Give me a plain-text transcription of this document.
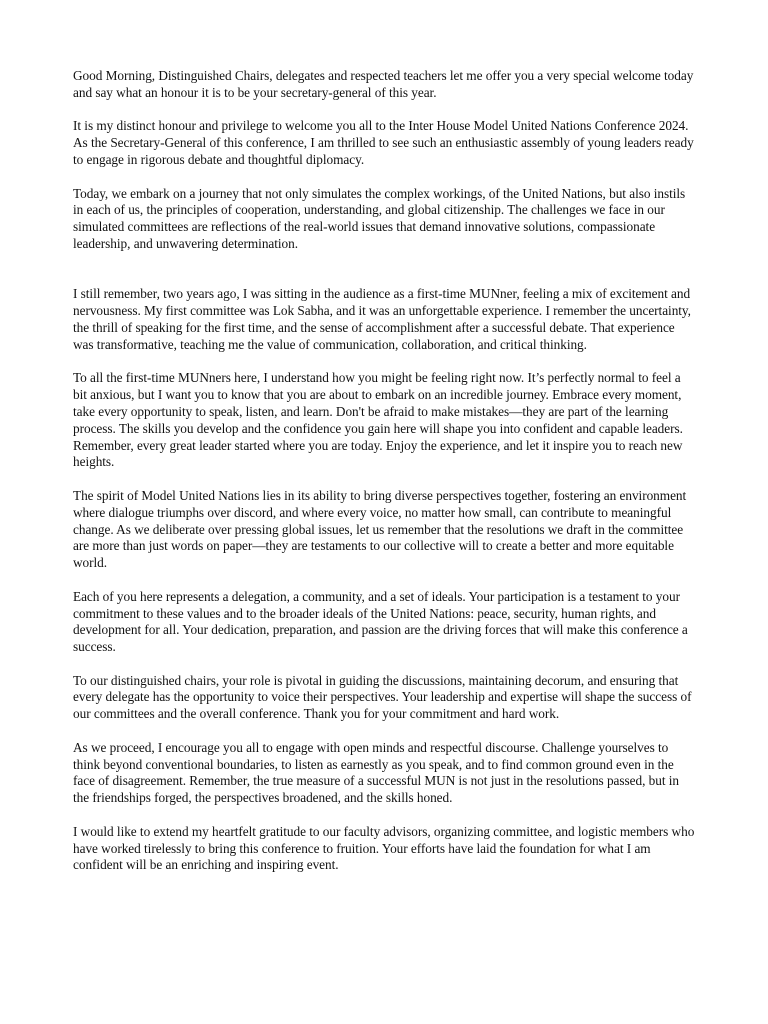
Good Morning, Distinguished Chairs, delegates and respected teachers let me offer you a very special welcome today and say what an honour it is to be your secretary-general of this year.

It is my distinct honour and privilege to welcome you all to the Inter House Model United Nations Conference 2024. As the Secretary-General of this conference, I am thrilled to see such an enthusiastic assembly of young leaders ready to engage in rigorous debate and thoughtful diplomacy.

Today, we embark on a journey that not only simulates the complex workings, of the United Nations, but also instils in each of us, the principles of cooperation, understanding, and global citizenship. The challenges we face in our simulated committees are reflections of the real-world issues that demand innovative solutions, compassionate leadership, and unwavering determination.

I still remember, two years ago, I was sitting in the audience as a first-time MUNner, feeling a mix of excitement and nervousness. My first committee was Lok Sabha, and it was an unforgettable experience. I remember the uncertainty, the thrill of speaking for the first time, and the sense of accomplishment after a successful debate. That experience was transformative, teaching me the value of communication, collaboration, and critical thinking.

To all the first-time MUNners here, I understand how you might be feeling right now. It’s perfectly normal to feel a bit anxious, but I want you to know that you are about to embark on an incredible journey. Embrace every moment, take every opportunity to speak, listen, and learn. Don't be afraid to make mistakes—they are part of the learning process. The skills you develop and the confidence you gain here will shape you into confident and capable leaders. Remember, every great leader started where you are today. Enjoy the experience, and let it inspire you to reach new heights.

The spirit of Model United Nations lies in its ability to bring diverse perspectives together, fostering an environment where dialogue triumphs over discord, and where every voice, no matter how small, can contribute to meaningful change. As we deliberate over pressing global issues, let us remember that the resolutions we draft in the committee are more than just words on paper—they are testaments to our collective will to create a better and more equitable world.

Each of you here represents a delegation, a community, and a set of ideals. Your participation is a testament to your commitment to these values and to the broader ideals of the United Nations: peace, security, human rights, and development for all. Your dedication, preparation, and passion are the driving forces that will make this conference a success.

To our distinguished chairs, your role is pivotal in guiding the discussions, maintaining decorum, and ensuring that every delegate has the opportunity to voice their perspectives. Your leadership and expertise will shape the success of our committees and the overall conference. Thank you for your commitment and hard work.

As we proceed, I encourage you all to engage with open minds and respectful discourse. Challenge yourselves to think beyond conventional boundaries, to listen as earnestly as you speak, and to find common ground even in the face of disagreement. Remember, the true measure of a successful MUN is not just in the resolutions passed, but in the friendships forged, the perspectives broadened, and the skills honed.

I would like to extend my heartfelt gratitude to our faculty advisors, organizing committee, and logistic members who have worked tirelessly to bring this conference to fruition. Your efforts have laid the foundation for what I am confident will be an enriching and inspiring event.
